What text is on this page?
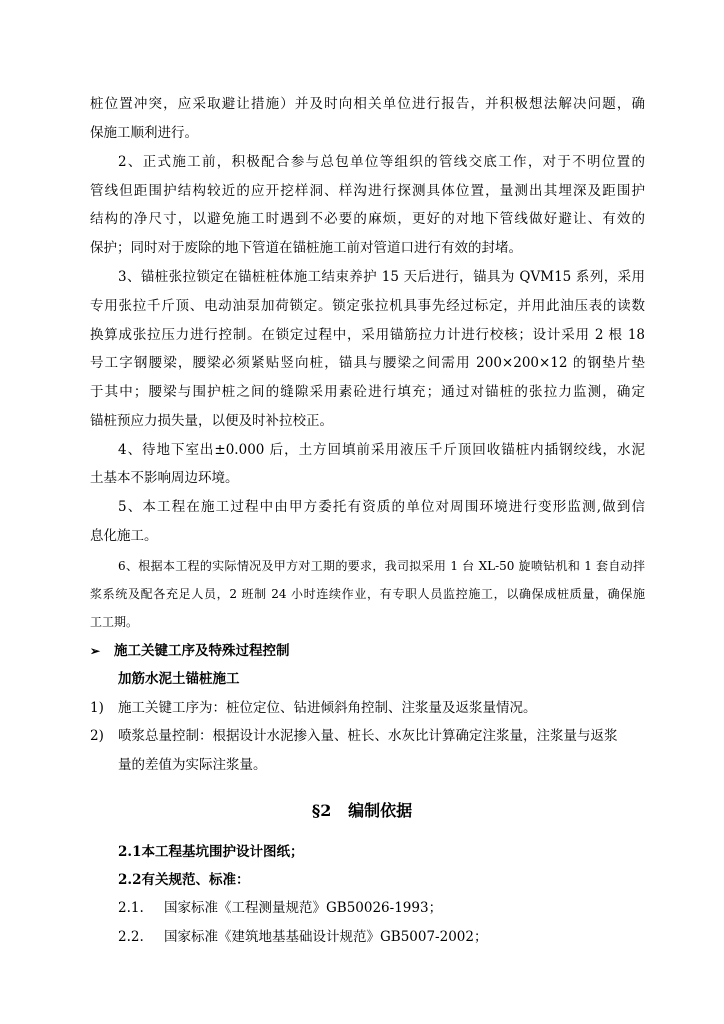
桩位置冲突，应采取避让措施）并及时向相关单位进行报告，并积极想法解决问题，确
保施工顺利进行。
2、正式施工前，积极配合参与总包单位等组织的管线交底工作，对于不明位置的
管线但距围护结构较近的应开挖样洞、样沟进行探测具体位置，量测出其埋深及距围护
结构的净尺寸，以避免施工时遇到不必要的麻烦，更好的对地下管线做好避让、有效的
保护；同时对于废除的地下管道在锚桩施工前对管道口进行有效的封堵。
3、锚桩张拉锁定在锚桩桩体施工结束养护 15 天后进行，锚具为 QVM15 系列，采用
专用张拉千斤顶、电动油泵加荷锁定。锁定张拉机具事先经过标定，并用此油压表的读数
换算成张拉压力进行控制。在锁定过程中，采用锚筋拉力计进行校核；设计采用 2 根 18
号工字钢腰梁，腰梁必须紧贴竖向桩，锚具与腰梁之间需用 200×200×12 的钢垫片垫
于其中；腰梁与围护桩之间的缝隙采用素砼进行填充；通过对锚桩的张拉力监测，确定
锚桩预应力损失量，以便及时补拉校正。
4、待地下室出±0.000 后，土方回填前采用液压千斤顶回收锚桩内插钢绞线，水泥
土基本不影响周边环境。
5、本工程在施工过程中由甲方委托有资质的单位对周围环境进行变形监测,做到信
息化施工。
6、根据本工程的实际情况及甲方对工期的要求，我司拟采用 1 台 XL-50 旋喷钻机和 1 套自动拌
浆系统及配各充足人员，2 班制 24 小时连续作业，有专职人员监控施工，以确保成桩质量，确保施
工工期。
➢ 施工关键工序及特殊过程控制
加筋水泥土锚桩施工
1) 施工关键工序为：桩位定位、钻进倾斜角控制、注浆量及返浆量情况。
2) 喷浆总量控制：根据设计水泥掺入量、桩长、水灰比计算确定注浆量，注浆量与返浆
量的差值为实际注浆量。
§2 编制依据
2.1本工程基坑围护设计图纸；
2.2有关规范、标准：
2.1. 国家标准《工程测量规范》GB50026-1993；
2.2. 国家标准《建筑地基基础设计规范》GB5007-2002；
